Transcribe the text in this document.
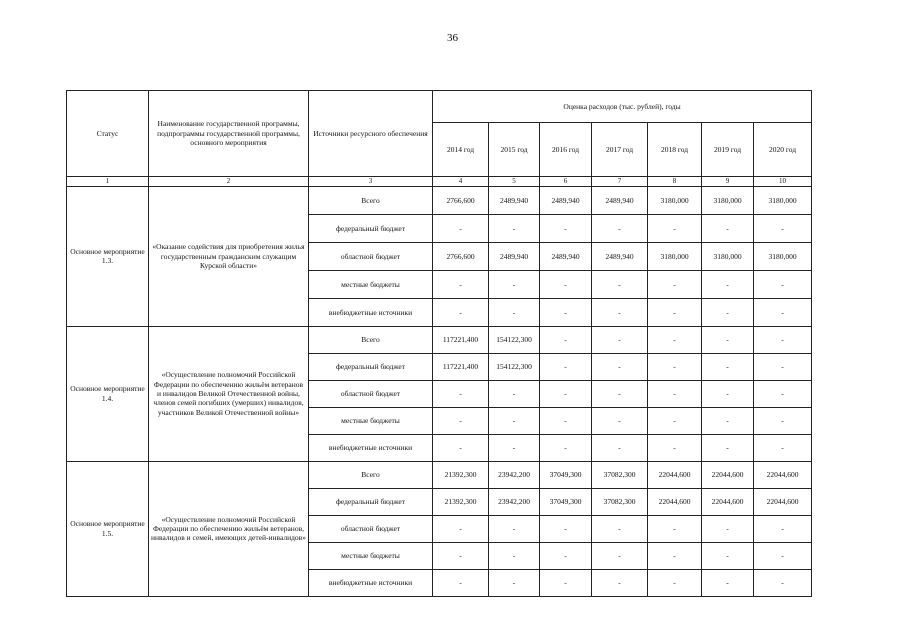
36
Статус	Наименование государственной программы, подпрограммы государственной программы, основного мероприятия	Источники ресурсного обеспечения	Оценка расходов (тыс. рублей), годы						
			2014 год	2015 год	2016 год	2017 год	2018 год	2019 год	2020 год
1	2	3	4	5	6	7	8	9	10
Основное мероприятие 1.3.	«Оказание содействия для приобретения жилья государственным гражданским служащим Курской области»	Всего	2766,600	2489,940	2489,940	2489,940	3180,000	3180,000	3180,000
		федеральный бюджет	-	-	-	-	-	-	-
		областной бюджет	2766,600	2489,940	2489,940	2489,940	3180,000	3180,000	3180,000
		местные бюджеты	-	-	-	-	-	-	-
		внебюджетные источники	-	-	-	-	-	-	-
Основное мероприятие 1.4.	«Осуществление полномочий Российской Федерации по обеспечению жильём ветеранов и инвалидов Великой Отечественной войны, членов семей погибших (умерших) инвалидов, участников Великой Отечественной войны»	Всего	117221,400	154122,300	-	-	-	-	-
		федеральный бюджет	117221,400	154122,300	-	-	-	-	-
		областной бюджет	-	-	-	-	-	-	-
		местные бюджеты	-	-	-	-	-	-	-
		внебюджетные источники	-	-	-	-	-	-	-
Основное мероприятие 1.5.	«Осуществление полномочий Российской Федерации по обеспечению жильём ветеранов, инвалидов и семей, имеющих детей-инвалидов»	Всего	21392,300	23942,200	37049,300	37082,300	22044,600	22044,600	22044,600
		федеральный бюджет	21392,300	23942,200	37049,300	37082,300	22044,600	22044,600	22044,600
		областной бюджет	-	-	-	-	-	-	-
		местные бюджеты	-	-	-	-	-	-	-
		внебюджетные источники	-	-	-	-	-	-	-
